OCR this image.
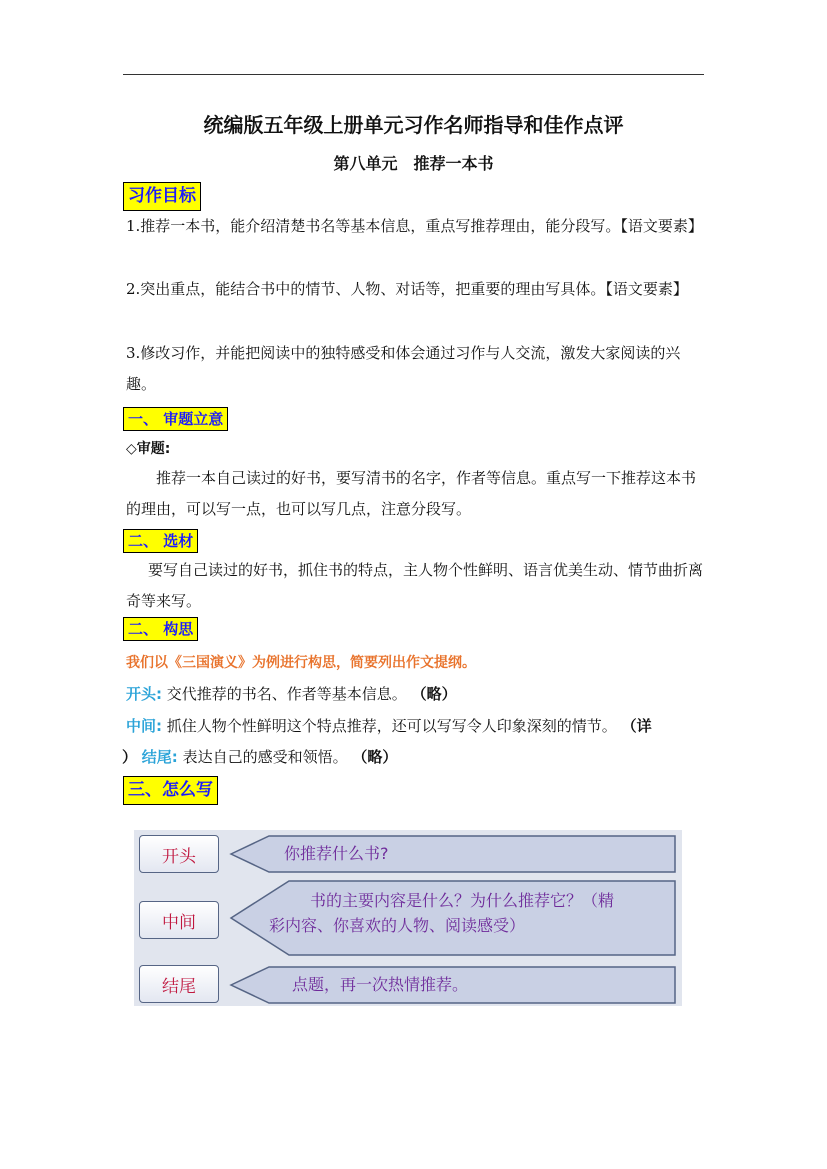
统编版五年级上册单元习作名师指导和佳作点评
第八单元　推荐一本书
习作目标

1.推荐一本书，能介绍清楚书名等基本信息，重点写推荐理由，能分段写。【语文要素】

2.突出重点，能结合书中的情节、人物、对话等，把重要的理由写具体。【语文要素】

3.修改习作，并能把阅读中的独特感受和体会通过习作与人交流，激发大家阅读的兴趣。

一、 审题立意
◇审题:

推荐一本自己读过的好书，要写清书的名字，作者等信息。重点写一下推荐这本书的理由，可以写一点，也可以写几点，注意分段写。

二、 选材

要写自己读过的好书，抓住书的特点，主人物个性鲜明、语言优美生动、情节曲折离奇等来写。

二、 构思
我们以《三国演义》为例进行构思，简要列出作文提纲。
开头: 交代推荐的书名、作者等基本信息。 （略）
中间: 抓住人物个性鲜明这个特点推荐，还可以写写令人印象深刻的情节。 （详
） 结尾: 表达自己的感受和领悟。 （略）
三、怎么写
开头	你推荐什么书?
中间
书的主要内容是什么？为什么推荐它？（精
彩内容、你喜欢的人物、阅读感受）
结尾	点题，再一次热情推荐。
